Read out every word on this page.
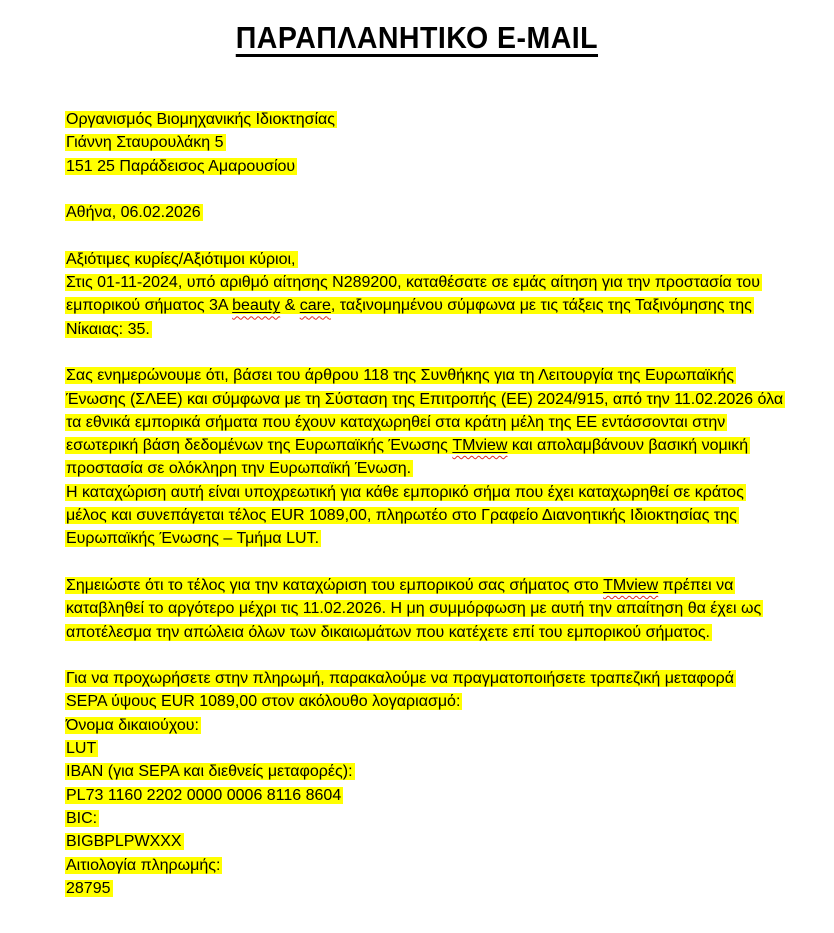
ΠΑΡΑΠΛΑΝΗΤΙΚΟ E-MAIL
Οργανισμός Βιομηχανικής Ιδιοκτησίας
Γιάννη Σταυρουλάκη 5
151 25 Παράδεισος Αμαρουσίου
Αθήνα, 06.02.2026
Αξιότιμες κυρίες/Αξιότιμοι κύριοι,
Στις 01-11-2024, υπό αριθμό αίτησης N289200, καταθέσατε σε εμάς αίτηση για την προστασία του
εμπορικού σήματος 3A beauty & care, ταξινομημένου σύμφωνα με τις τάξεις της Ταξινόμησης της
Νίκαιας: 35.
Σας ενημερώνουμε ότι, βάσει του άρθρου 118 της Συνθήκης για τη Λειτουργία της Ευρωπαϊκής
Ένωσης (ΣΛΕΕ) και σύμφωνα με τη Σύσταση της Επιτροπής (ΕΕ) 2024/915, από την 11.02.2026 όλα
τα εθνικά εμπορικά σήματα που έχουν καταχωρηθεί στα κράτη μέλη της ΕΕ εντάσσονται στην
εσωτερική βάση δεδομένων της Ευρωπαϊκής Ένωσης TMview και απολαμβάνουν βασική νομική
προστασία σε ολόκληρη την Ευρωπαϊκή Ένωση.
Η καταχώριση αυτή είναι υποχρεωτική για κάθε εμπορικό σήμα που έχει καταχωρηθεί σε κράτος
μέλος και συνεπάγεται τέλος EUR 1089,00, πληρωτέο στο Γραφείο Διανοητικής Ιδιοκτησίας της
Ευρωπαϊκής Ένωσης – Τμήμα LUT.
Σημειώστε ότι το τέλος για την καταχώριση του εμπορικού σας σήματος στο TMview πρέπει να
καταβληθεί το αργότερο μέχρι τις 11.02.2026. Η μη συμμόρφωση με αυτή την απαίτηση θα έχει ως
αποτέλεσμα την απώλεια όλων των δικαιωμάτων που κατέχετε επί του εμπορικού σήματος.
Για να προχωρήσετε στην πληρωμή, παρακαλούμε να πραγματοποιήσετε τραπεζική μεταφορά
SEPA ύψους EUR 1089,00 στον ακόλουθο λογαριασμό:
Όνομα δικαιούχου:
LUT
IBAN (για SEPA και διεθνείς μεταφορές):
PL73 1160 2202 0000 0006 8116 8604
BIC:
BIGBPLPWXXX
Αιτιολογία πληρωμής:
28795
